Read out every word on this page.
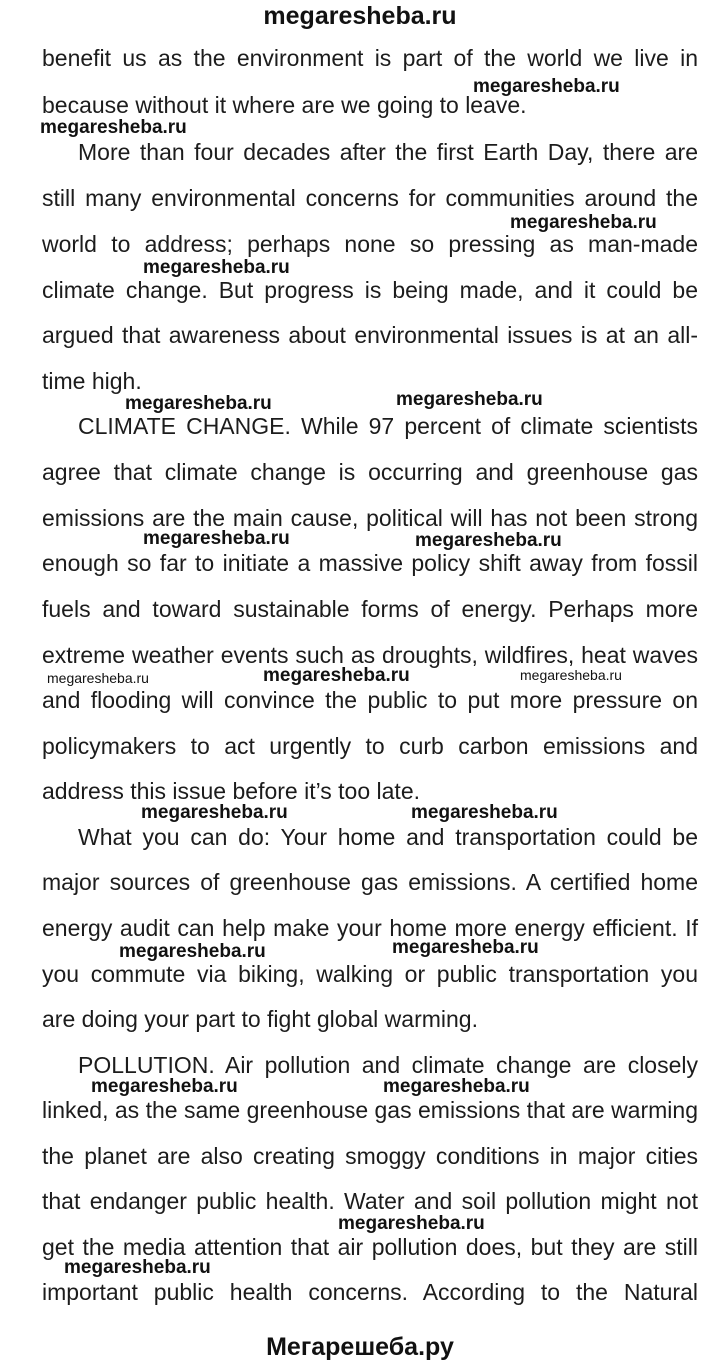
megaresheba.ru
benefit us as the environment is part of the world we live in
because without it where are we going to leave.
More than four decades after the first Earth Day, there are
still many environmental concerns for communities around the
world to address; perhaps none so pressing as man-made
climate change. But progress is being made, and it could be
argued that awareness about environmental issues is at an all-
time high.
CLIMATE CHANGE. While 97 percent of climate scientists
agree that climate change is occurring and greenhouse gas
emissions are the main cause, political will has not been strong
enough so far to initiate a massive policy shift away from fossil
fuels and toward sustainable forms of energy. Perhaps more
extreme weather events such as droughts, wildfires, heat waves
and flooding will convince the public to put more pressure on
policymakers to act urgently to curb carbon emissions and
address this issue before it’s too late.
What you can do: Your home and transportation could be
major sources of greenhouse gas emissions. A certified home
energy audit can help make your home more energy efficient. If
you commute via biking, walking or public transportation you
are doing your part to fight global warming.
POLLUTION. Air pollution and climate change are closely
linked, as the same greenhouse gas emissions that are warming
the planet are also creating smoggy conditions in major cities
that endanger public health. Water and soil pollution might not
get the media attention that air pollution does, but they are still
important public health concerns. According to the Natural
megaresheba.ru
megaresheba.ru
megaresheba.ru
megaresheba.ru
megaresheba.ru	megaresheba.ru
megaresheba.ru	megaresheba.ru
megaresheba.ru	megaresheba.ru	megaresheba.ru
megaresheba.ru	megaresheba.ru
megaresheba.ru	megaresheba.ru
megaresheba.ru	megaresheba.ru
megaresheba.ru
megaresheba.ru
Мегарешеба.ру
